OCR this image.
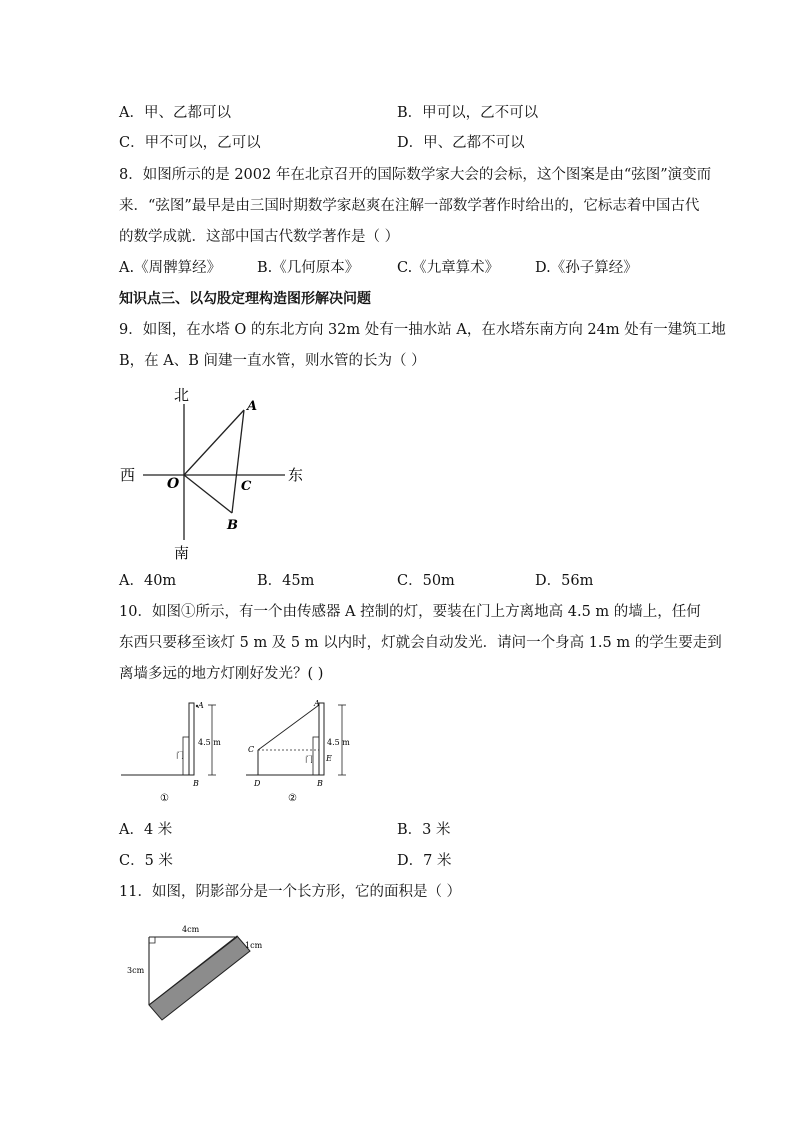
A．甲、乙都可以	B．甲可以，乙不可以
C．甲不可以，乙可以	D．甲、乙都不可以
8．如图所示的是 2002 年在北京召开的国际数学家大会的会标，这个图案是由“弦图”演变而
来．“弦图”最早是由三国时期数学家赵爽在注解一部数学著作时给出的，它标志着中国古代
的数学成就．这部中国古代数学著作是（ ）
A.《周髀算经》 B.《几何原本》	C.《九章算术》 D.《孙子算经》
知识点三、以勾股定理构造图形解决问题
9．如图，在水塔 O 的东北方向 32m 处有一抽水站 A，在水塔东南方向 24m 处有一建筑工地
B，在 A、B 间建一直水管，则水管的长为（ ）
北
南
西	东
O
A
B
C
A．40m	B．45m	C．50m	D．56m
10．如图①所示，有一个由传感器 A 控制的灯，要装在门上方离地高 4.5 m 的墙上，任何
东西只要移至该灯 5 m 及 5 m 以内时，灯就会自动发光．请问一个身高 1.5 m 的学生要走到
离墙多远的地方灯刚好发光？( )
A
B
4.5 m
门
①
A
C
D
E
B
4.5 m
门
②
A．4 米	B．3 米
C．5 米	D．7 米
11．如图，阴影部分是一个长方形，它的面积是（ ）
4cm
3cm
1cm
